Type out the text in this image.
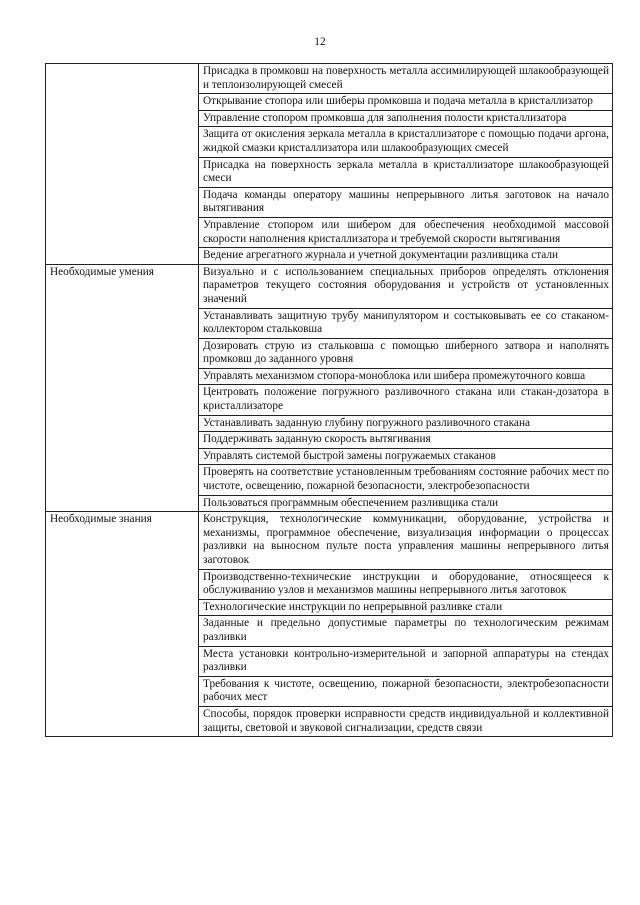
12
	Присадка в промковш на поверхность металла ассимилирующей шлакообразующей и теплоизолирующей смесей
	Открывание стопора или шиберы промковша и подача металла в кристаллизатор
	Управление стопором промковша для заполнения полости кристаллизатора
	Защита от окисления зеркала металла в кристаллизаторе с помощью подачи аргона, жидкой смазки кристаллизатора или шлакообразующих смесей
	Присадка на поверхность зеркала металла в кристаллизаторе шлакообразующей смеси
	Подача команды оператору машины непрерывного литья заготовок на начало вытягивания
	Управление стопором или шибером для обеспечения необходимой массовой скорости наполнения кристаллизатора и требуемой скорости вытягивания
	Ведение агрегатного журнала и учетной документации разливщика стали
Необходимые умения	Визуально и с использованием специальных приборов определять отклонения параметров текущего состояния оборудования и устройств от установленных значений
	Устанавливать защитную трубу манипулятором и состыковывать ее со стаканом-коллектором стальковша
	Дозировать струю из стальковша с помощью шиберного затвора и наполнять промковш до заданного уровня
	Управлять механизмом стопора-моноблока или шибера промежуточного ковша
	Центровать положение погружного разливочного стакана или стакан-дозатора в кристаллизаторе
	Устанавливать заданную глубину погружного разливочного стакана
	Поддерживать заданную скорость вытягивания
	Управлять системой быстрой замены погружаемых стаканов
	Проверять на соответствие установленным требованиям состояние рабочих мест по чистоте, освещению, пожарной безопасности, электробезопасности
	Пользоваться программным обеспечением разливщика стали
Необходимые знания	Конструкция, технологические коммуникации, оборудование, устройства и механизмы, программное обеспечение, визуализация информации о процессах разливки на выносном пульте поста управления машины непрерывного литья заготовок
	Производственно-технические инструкции и оборудование, относящееся к обслуживанию узлов и механизмов машины непрерывного литья заготовок
	Технологические инструкции по непрерывной разливке стали
	Заданные и предельно допустимые параметры по технологическим режимам разливки
	Места установки контрольно-измерительной и запорной аппаратуры на стендах разливки
	Требования к чистоте, освещению, пожарной безопасности, электробезопасности рабочих мест
	Способы, порядок проверки исправности средств индивидуальной и коллективной защиты, световой и звуковой сигнализации, средств связи
